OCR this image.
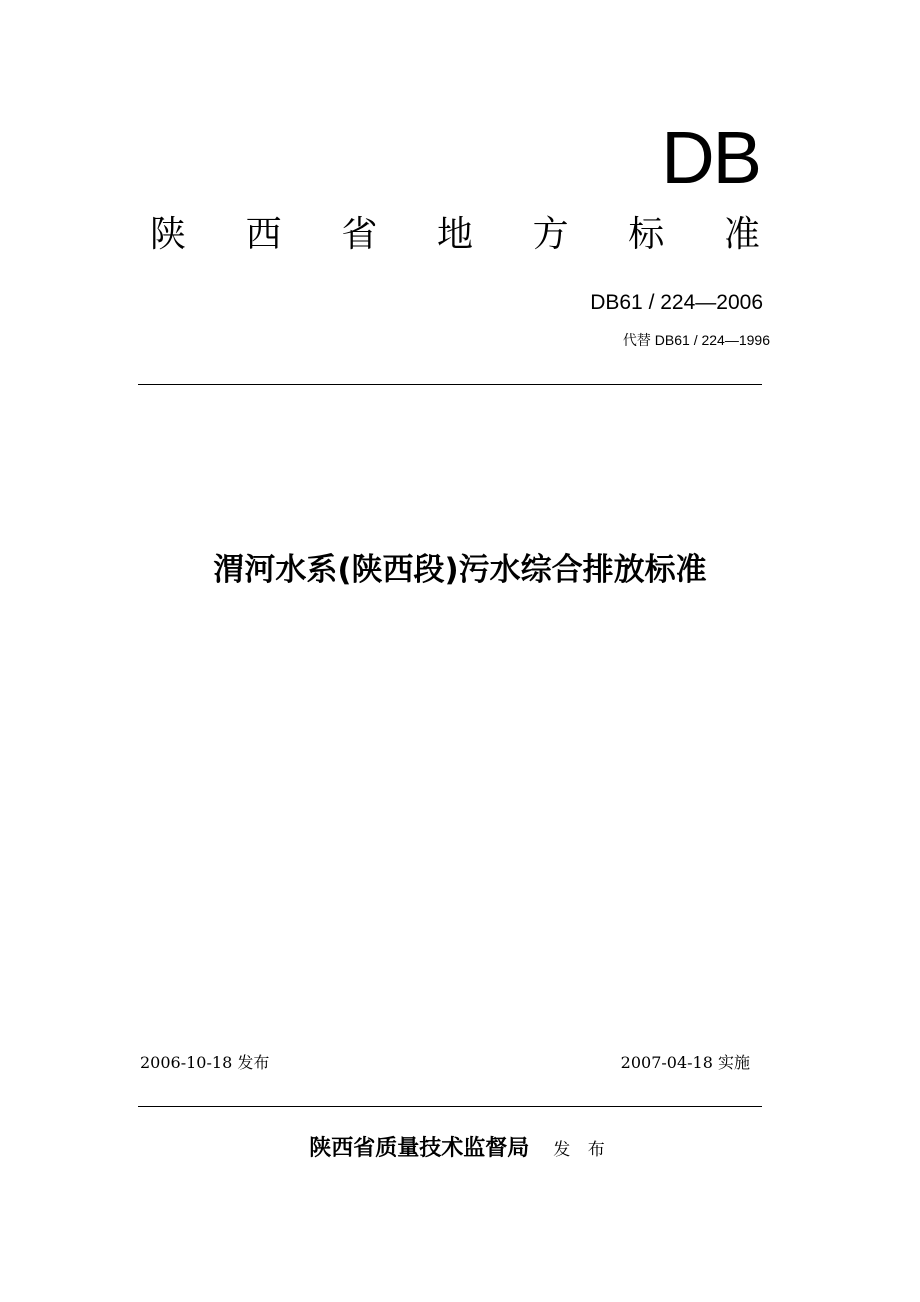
DB
陕 西 省 地 方 标 准
DB61 / 224—2006
代替 DB61 / 224—1996
渭河水系(陕西段)污水综合排放标准
2006-10-18 发布	2007-04-18 实施
陕西省质量技术监督局 发 布
